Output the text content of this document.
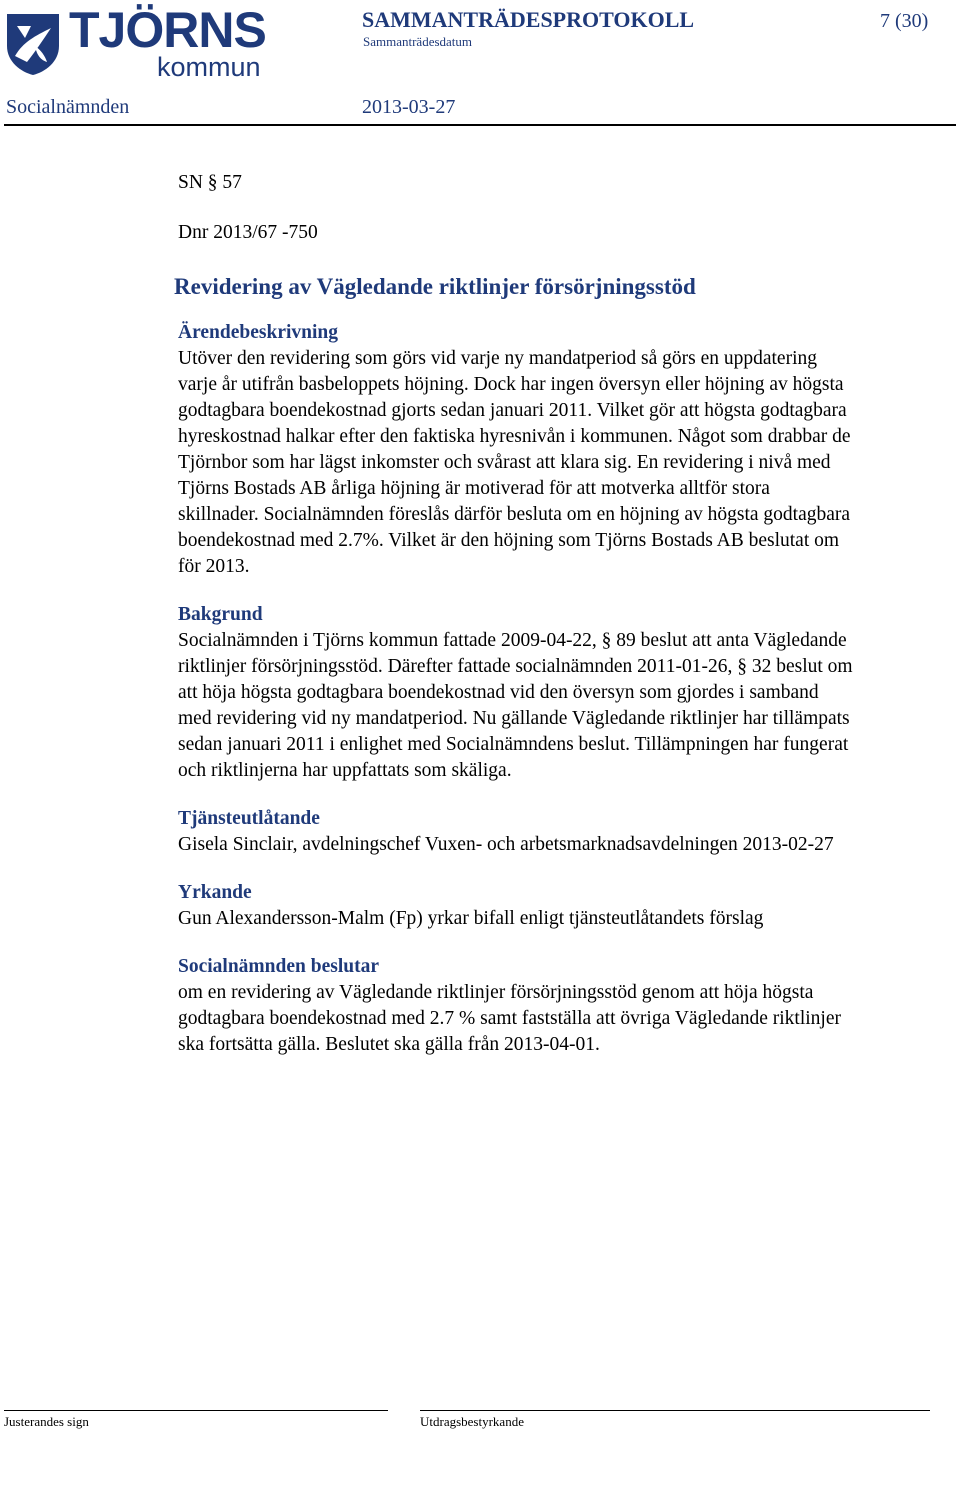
TJÖRNS
kommun
SAMMANTRÄDESPROTOKOLL
Sammanträdesdatum
7 (30)
Socialnämnden	2013-03-27

SN § 57

Dnr 2013/67 -750

Revidering av Vägledande riktlinjer försörjningsstöd

Ärendebeskrivning

Utöver den revidering som görs vid varje ny mandatperiod så görs en uppdatering
varje år utifrån basbeloppets höjning. Dock har ingen översyn eller höjning av högsta
godtagbara boendekostnad gjorts sedan januari 2011. Vilket gör att högsta godtagbara
hyreskostnad halkar efter den faktiska hyresnivån i kommunen. Något som drabbar de
Tjörnbor som har lägst inkomster och svårast att klara sig. En revidering i nivå med
Tjörns Bostads AB årliga höjning är motiverad för att motverka alltför stora
skillnader. Socialnämnden föreslås därför besluta om en höjning av högsta godtagbara
boendekostnad med 2.7%. Vilket är den höjning som Tjörns Bostads AB beslutat om
för 2013.

Bakgrund

Socialnämnden i Tjörns kommun fattade 2009-04-22, § 89 beslut att anta Vägledande
riktlinjer försörjningsstöd. Därefter fattade socialnämnden 2011-01-26, § 32 beslut om
att höja högsta godtagbara boendekostnad vid den översyn som gjordes i samband
med revidering vid ny mandatperiod. Nu gällande Vägledande riktlinjer har tillämpats
sedan januari 2011 i enlighet med Socialnämndens beslut. Tillämpningen har fungerat
och riktlinjerna har uppfattats som skäliga.

Tjänsteutlåtande

Gisela Sinclair, avdelningschef Vuxen- och arbetsmarknadsavdelningen 2013-02-27

Yrkande

Gun Alexandersson-Malm (Fp) yrkar bifall enligt tjänsteutlåtandets förslag

Socialnämnden beslutar

om en revidering av Vägledande riktlinjer försörjningsstöd genom att höja högsta
godtagbara boendekostnad med 2.7 % samt fastställa att övriga Vägledande riktlinjer
ska fortsätta gälla. Beslutet ska gälla från 2013-04-01.
Justerandes sign	Utdragsbestyrkande
